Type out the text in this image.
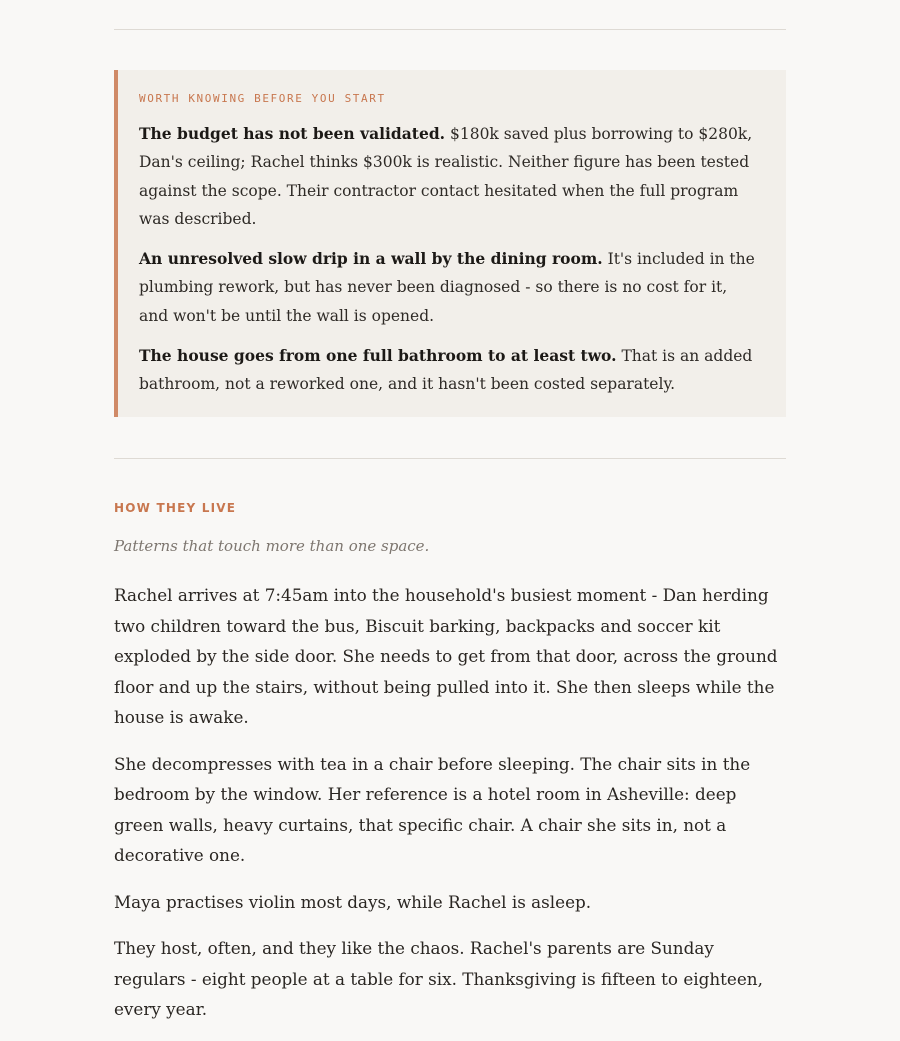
WORTH KNOWING BEFORE YOU START

The budget has not been validated. $180k saved plus borrowing to $280k, Dan's ceiling; Rachel thinks $300k is realistic. Neither figure has been tested against the scope. Their contractor contact hesitated when the full program was described.

An unresolved slow drip in a wall by the dining room. It's included in the plumbing rework, but has never been diagnosed - so there is no cost for it, and won't be until the wall is opened.

The house goes from one full bathroom to at least two. That is an added bathroom, not a reworked one, and it hasn't been costed separately.

HOW THEY LIVE
Patterns that touch more than one space.

Rachel arrives at 7:45am into the household's busiest moment - Dan herding two children toward the bus, Biscuit barking, backpacks and soccer kit exploded by the side door. She needs to get from that door, across the ground floor and up the stairs, without being pulled into it. She then sleeps while the house is awake.

She decompresses with tea in a chair before sleeping. The chair sits in the bedroom by the window. Her reference is a hotel room in Asheville: deep green walls, heavy curtains, that specific chair. A chair she sits in, not a decorative one.

Maya practises violin most days, while Rachel is asleep.

They host, often, and they like the chaos. Rachel's parents are Sunday regulars - eight people at a table for six. Thanksgiving is fifteen to eighteen, every year.
